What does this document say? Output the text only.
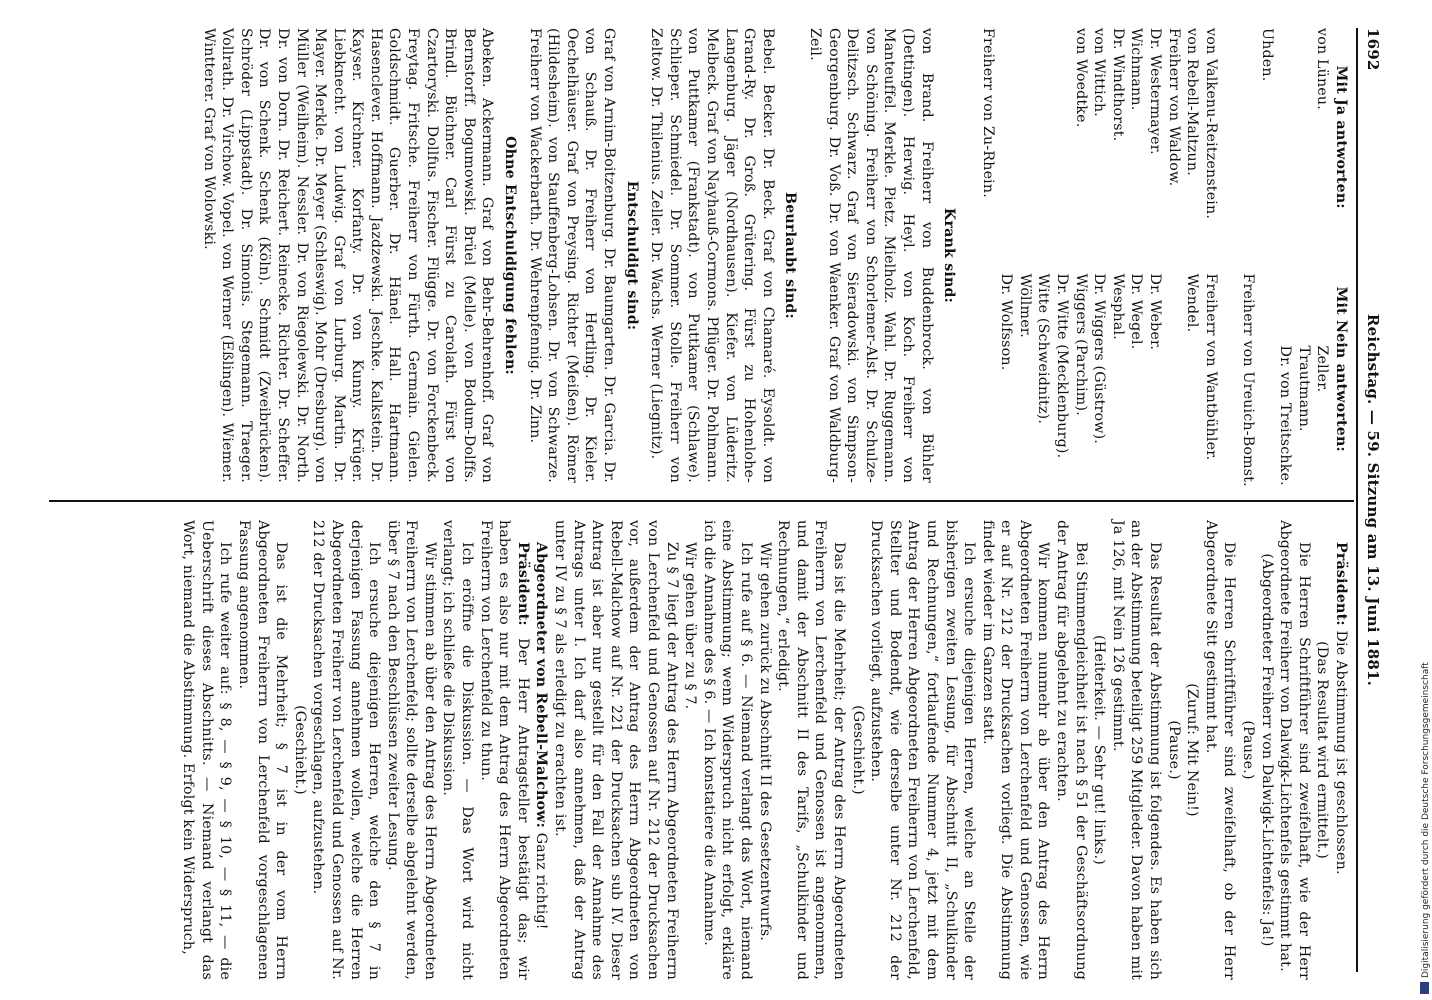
1692
Reichstag. — 59. Sitzung am 13. Juni 1881.
Mit Ja antworten:
von Lüneu.

Uhden.

von Valkenu-Reitzenstein.
von Rebell-Maltzun.
Freiherr von Waldow.
Dr. Westermayer.
Wichmann.
Dr. Windthorst.
von Wittich.
von Woedtke.
Mit Nein antworten:
Zeller.
Trautmann.
Dr. von Treitschke.

Freiherr von Ureuich-Bomst.

Freiherr von Wantbühler.
Wendel.

Dr. Weber.
Dr. Wegel.
Wesphal.
Dr. Wiggers (Güstrow).
Wiggers (Parchim).
Dr. Witte (Mecklenburg).
Witte (Schweidnitz).
Wöllmer.
Dr. Wolfsson.
Freiherr von Zu-Rhein.
Krank sind:

von Brand. Freiherr von Buddenbrock. von Bühler (Dettingen). Herwig. Heyl. von Koch. Freiherr von Manteuffel. Merkle. Pietz. Mielholz. Wahl. Dr. Ruggemann. von Schöning. Freiherr von Schorlemer-Alst. Dr. Schulze-Delitzsch. Schwarz. Graf von Sieradowski. von Simpson-Georgenburg. Dr. Voß. Dr. von Waenker. Graf von Waldburg-Zeil.

Beurlaubt sind:

Bebel. Becker. Dr. Beck. Graf von Chamaré. Eysoldt. von Grand-Ry. Dr. Groß. Grütering. Fürst zu Hohenlohe-Langenburg. Jäger (Nordhausen). Kiefer. von Lüderitz. Melbeck. Graf von Nayhauß-Cormons. Pflüger. Dr. Pohlmann. von Puttkamer (Frankstadt). von Puttkamer (Schlawe). Schlieper. Schmiedel. Dr. Sommer. Stolle. Freiherr von Zeltow. Dr. Thilenius. Zeller. Dr. Wachs. Werner (Liegnitz).

Entschuldigt sind:

Graf von Arnim-Boitzenburg. Dr. Baumgarten. Dr. Garcia. Dr. von Schauß. Dr. Freiherr von Hertling. Dr. Kieler. Oechelhäuser. Graf von Preysing. Richter (Meißen). Römer (Hildesheim). von Stauffenberg-Lohsen. Dr. von Schwarze. Freiherr von Wackerbarth. Dr. Wehrenpfennig. Dr. Zinn.

Ohne Entschuldigung fehlen:

Abeken. Ackermann. Graf von Behr-Behrenhoff. Graf von Bernstorff. Bogumowski. Brüel (Melle). von Bodum-Dolffs. Brindl. Büchner. Carl Fürst zu Carolath. Fürst von Czartoryski. Dollfus. Fischer. Flügge. Dr. von Forckenbeck. Freytag. Fritsche. Freiherr von Fürth. Germain. Gielen. Goldschmidt. Guerber. Dr. Hänel. Hall. Hartmann. Hasenclever. Hoffmann. Jazdzewski. Jeschke. Kalkstein. Dr. Kayser. Kirchner. Korfanty. Dr. von Kunny. Krüger. Liebknecht. von Ludwig. Graf von Lurburg. Martin. Dr. Mayer. Merkle. Dr. Meyer (Schleswig). Mohr (Dresburg). von Müller (Weilheim). Nessler. Dr. von Riegolewski. Dr. North. Dr. von Dorn. Dr. Reichert. Reinecke. Richter. Dr. Scheffer. Dr. von Schenk. Schenk (Köln). Schmidt (Zweibrücken). Schröder (Lippstadt). Dr. Simonis. Stegemann. Traeger. Vollrath. Dr. Virchow. Vopel. von Werner (Eßlingen). Wiemer. Wintterer. Graf von Wolowski.

Präsident: Die Abstimmung ist geschlossen.

(Das Resultat wird ermittelt.)

Die Herren Schriftführer sind zweifelhaft, wie der Herr Abgeordnete Freiherr von Dalwigk-Lichtenfels gestimmt hat.

(Abgeordneter Freiherr von Dalwigk-Lichtenfels: Ja!)
(Pause.)

Die Herren Schriftführer sind zweifelhaft, ob der Herr Abgeordnete Sitt gestimmt hat.

(Zuruf: Mit Nein!)
(Pause.)

Das Resultat der Abstimmung ist folgendes. Es haben sich an der Abstimmung beteiligt 259 Mitglieder. Davon haben mit Ja 126, mit Nein 126 gestimmt.

(Heiterkeit. — Sehr gut! links.)

Bei Stimmengleichheit ist nach § 51 der Geschäftsordnung der Antrag für abgelehnt zu erachten.

Wir kommen nunmehr ab über den Antrag des Herrn Abgeordneten Freiherrn von Lerchenfeld und Genossen, wie er auf Nr. 212 der Drucksachen vorliegt. Die Abstimmung findet wieder im Ganzen statt.

Ich ersuche diejenigen Herren, welche an Stelle der bisherigen zweiten Lesung, für Abschnitt II, „Schulkinder und Rechnungen,“ fortlaufende Nummer 4, jetzt mit dem Antrag der Herren Abgeordneten Freiherrn von Lerchenfeld, Stellter und Bodendt, wie derselbe unter Nr. 212 der Drucksachen vorliegt, aufzustehen.

(Geschieht.)

Das ist die Mehrheit; der Antrag des Herrn Abgeordneten Freiherrn von Lerchenfeld und Genossen ist angenommen, und damit der Abschnitt II des Tarifs, „Schulkinder und Rechnungen,“ erledigt.

Wir gehen zurück zu Abschnitt II des Gesetzentwurfs.

Ich rufe auf § 6. — Niemand verlangt das Wort, niemand eine Abstimmung; wenn Widerspruch nicht erfolgt, erkläre ich die Annahme des § 6. — Ich konstatiere die Annahme.

Wir gehen über zu § 7.

Zu § 7 liegt der Antrag des Herrn Abgeordneten Freiherrn von Lerchenfeld und Genossen auf Nr. 212 der Drucksachen vor, außerdem der Antrag des Herrn Abgeordneten von Rebell-Malchow auf Nr. 221 der Drucksachen sub IV. Dieser Antrag ist aber nur gestellt für den Fall der Annahme des Antrags unter I. Ich darf also annehmen, daß der Antrag unter IV zu § 7 als erledigt zu erachten ist.

Abgeordneter von Rebell-Malchow: Ganz richtig!

Präsident: Der Herr Antragsteller bestätigt das; wir haben es also nur mit dem Antrag des Herrn Abgeordneten Freiherrn von Lerchenfeld zu thun.

Ich eröffne die Diskussion. — Das Wort wird nicht verlangt; ich schließe die Diskussion.

Wir stimmen ab über den Antrag des Herrn Abgeordneten Freiherrn von Lerchenfeld; sollte derselbe abgelehnt werden, über § 7 nach den Beschlüssen zweiter Lesung.

Ich ersuche diejenigen Herren, welche den § 7 in derjenigen Fassung annehmen wollen, welche die Herren Abgeordneten Freiherr von Lerchenfeld und Genossen auf Nr. 212 der Drucksachen vorgeschlagen, aufzustehen.

(Geschieht.)

Das ist die Mehrheit; § 7 ist in der vom Herrn Abgeordneten Freiherrn von Lerchenfeld vorgeschlagenen Fassung angenommen.

Ich rufe weiter auf: § 8, — § 9, — § 10, — § 11, — die Ueberschrift dieses Abschnitts. — Niemand verlangt das Wort, niemand die Abstimmung. Erfolgt kein Widerspruch,	Digitalisierung gefördert durch die Deutsche Forschungsgemeinschaft
